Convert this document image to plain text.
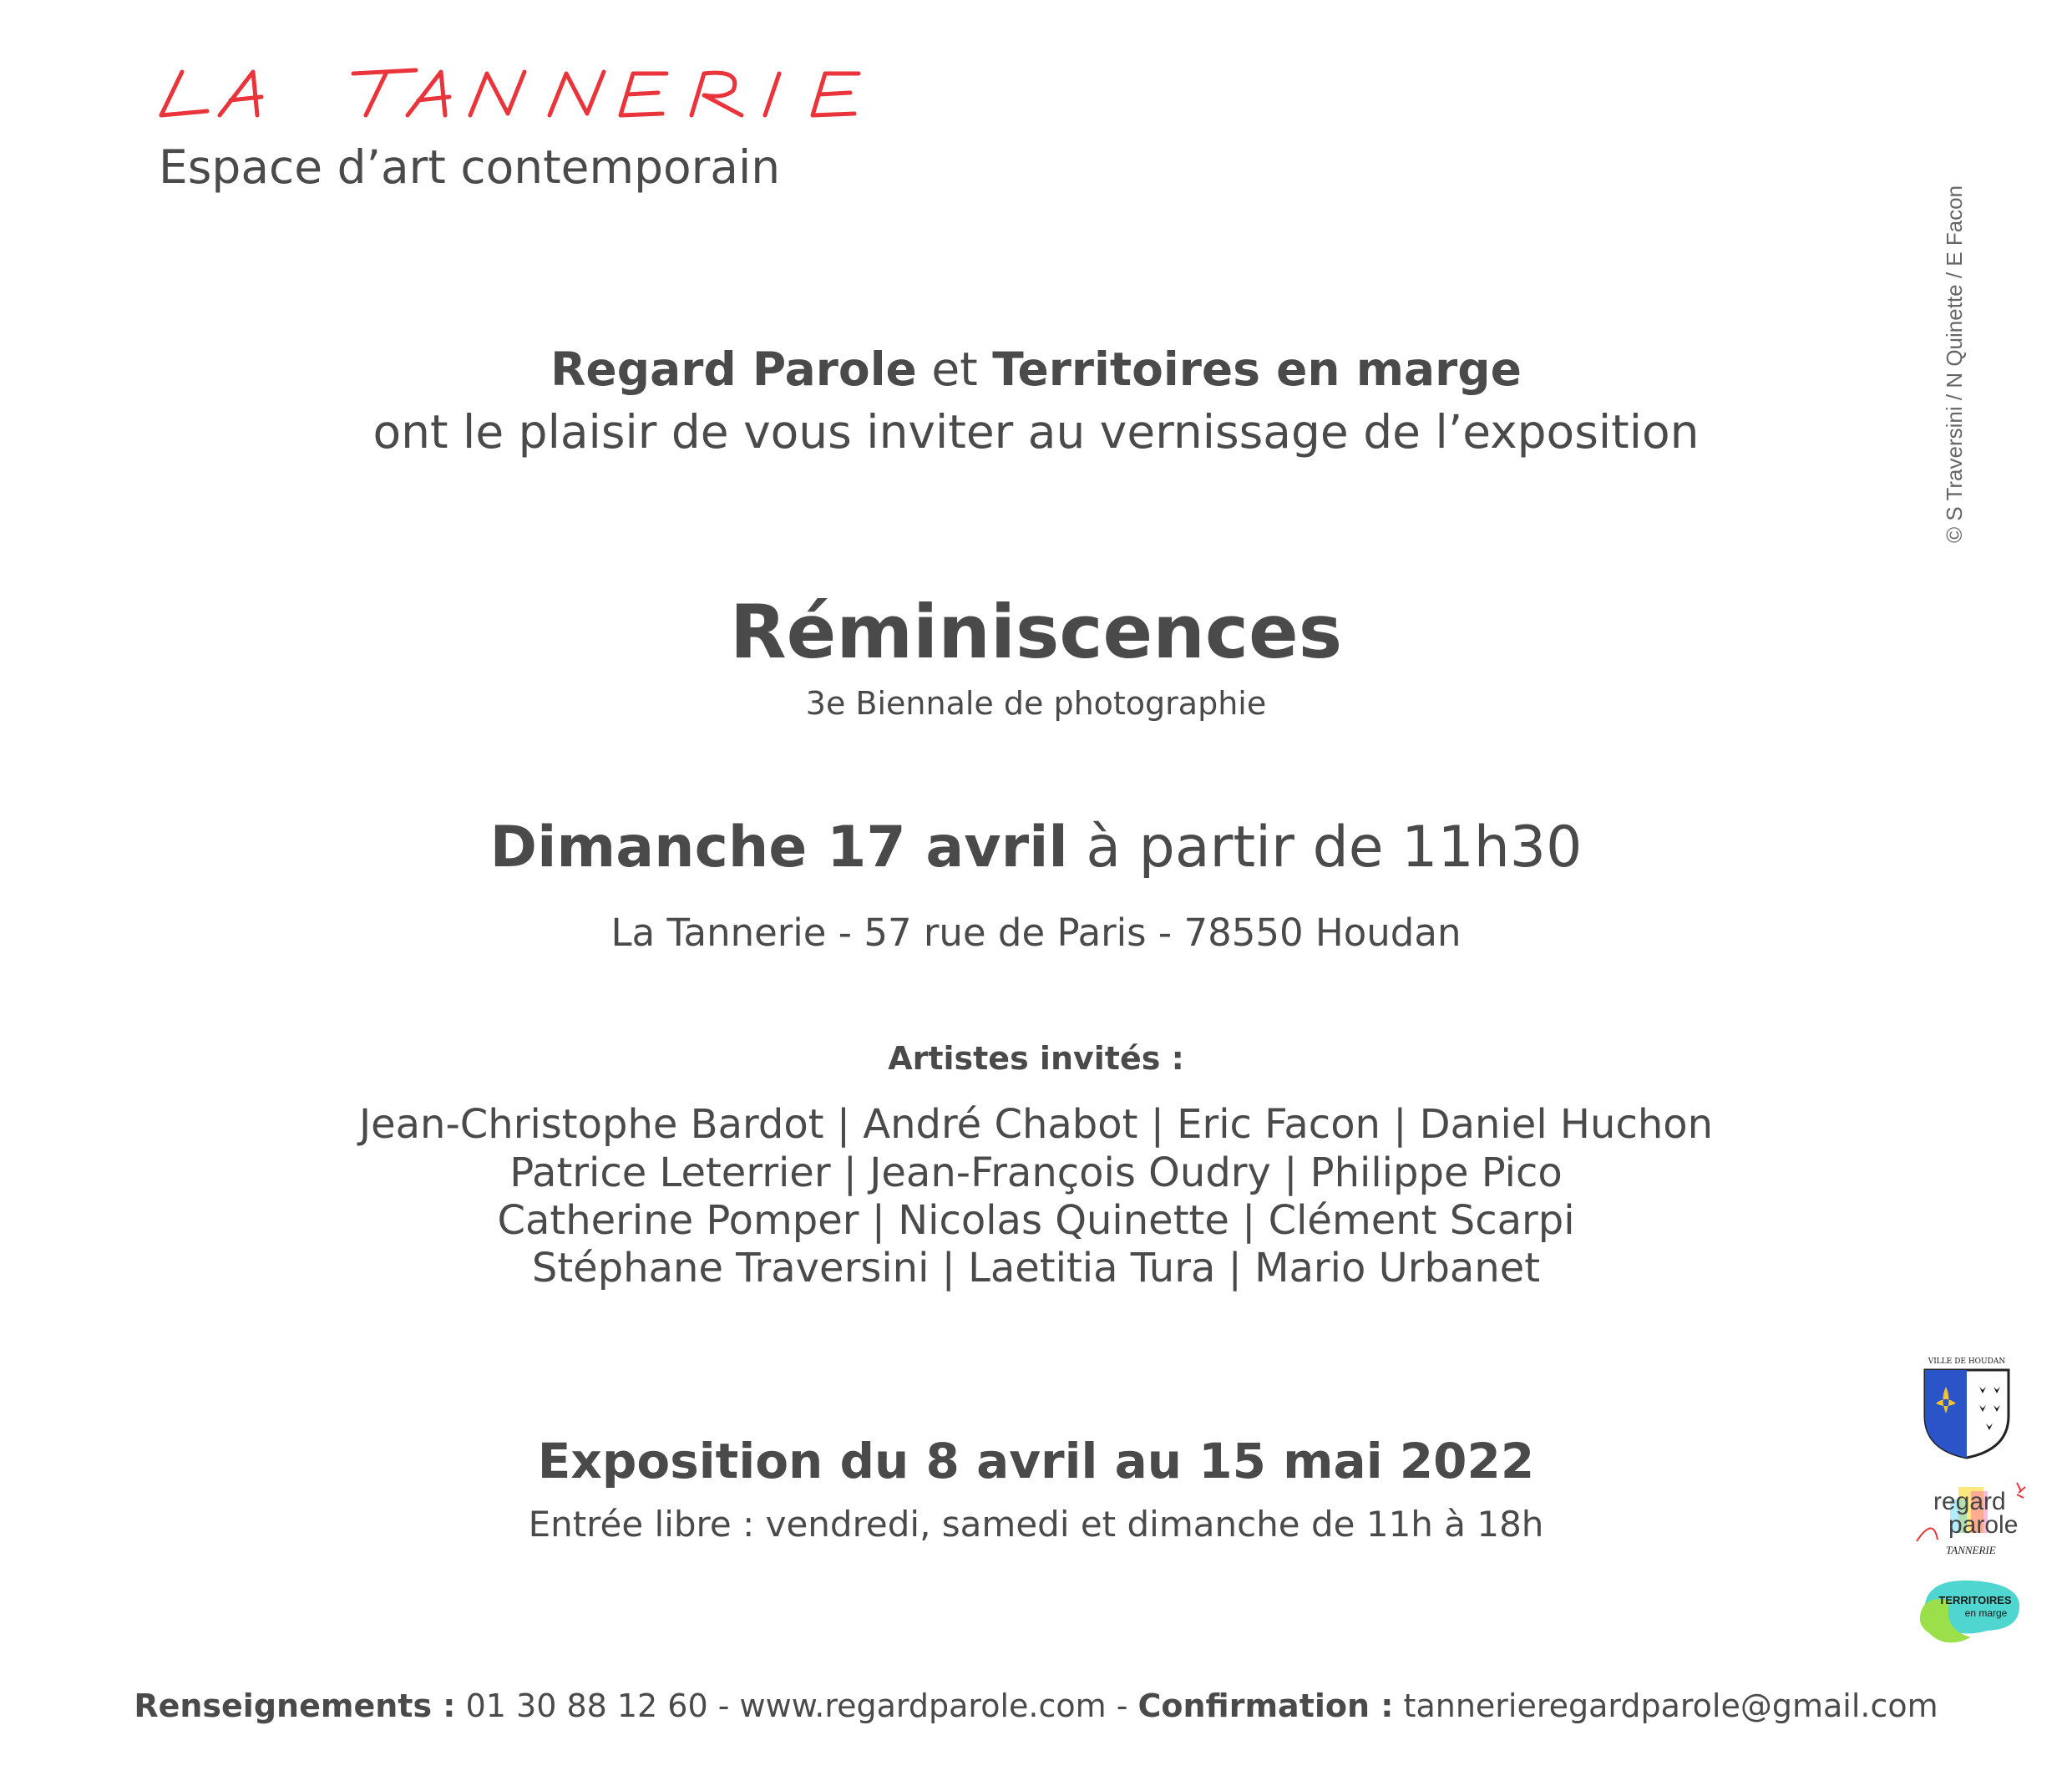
Espace d’art contemporain
© S Traversini / N Quinette / E Facon
Regard Parole et Territoires en marge
ont le plaisir de vous inviter au vernissage de l’exposition
Réminiscences
3e Biennale de photographie
Dimanche 17 avril à partir de 11h30
La Tannerie - 57 rue de Paris - 78550 Houdan
Artistes invités :
Jean-Christophe Bardot | André Chabot | Eric Facon | Daniel Huchon
Patrice Leterrier | Jean-François Oudry | Philippe Pico
Catherine Pomper | Nicolas Quinette | Clément Scarpi
Stéphane Traversini | Laetitia Tura | Mario Urbanet
Exposition du 8 avril au 15 mai 2022
Entrée libre : vendredi, samedi et dimanche de 11h à 18h
Renseignements : 01 30 88 12 60 - www.regardparole.com - Confirmation : tannerieregardparole@gmail.com
VILLE DE HOUDAN
regard
parole
TANNERIE
TERRITOIRES
en marge
